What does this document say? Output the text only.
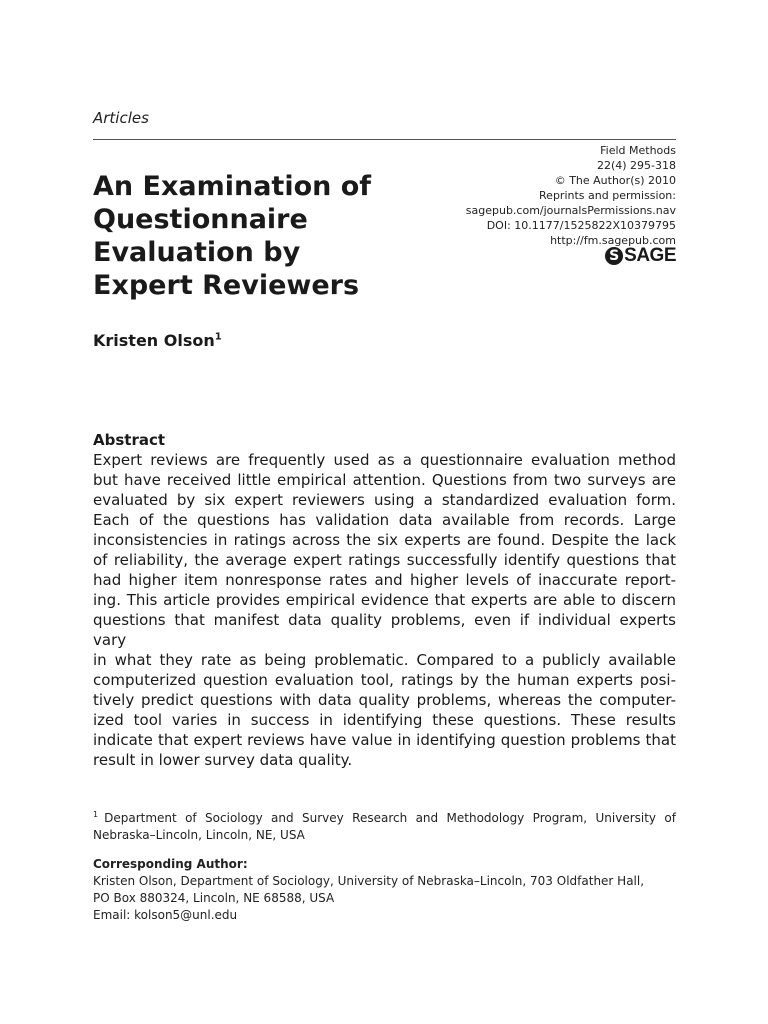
Articles
An Examination of
Questionnaire
Evaluation by
Expert Reviewers
Field Methods
22(4) 295-318
© The Author(s) 2010
Reprints and permission:
sagepub.com/journalsPermissions.nav
DOI: 10.1177/1525822X10379795
http://fm.sagepub.com
S SAGE
Kristen Olson$^1$
Abstract
Expert reviews are frequently used as a questionnaire evaluation method
but have received little empirical attention. Questions from two surveys are
evaluated by six expert reviewers using a standardized evaluation form.
Each of the questions has validation data available from records. Large
inconsistencies in ratings across the six experts are found. Despite the lack
of reliability, the average expert ratings successfully identify questions that
had higher item nonresponse rates and higher levels of inaccurate report-
ing. This article provides empirical evidence that experts are able to discern
questions that manifest data quality problems, even if individual experts vary
in what they rate as being problematic. Compared to a publicly available
computerized question evaluation tool, ratings by the human experts posi-
tively predict questions with data quality problems, whereas the computer-
ized tool varies in success in identifying these questions. These results
indicate that expert reviews have value in identifying question problems that
result in lower survey data quality.
$^1$ Department of Sociology and Survey Research and Methodology Program, University of
Nebraska–Lincoln, Lincoln, NE, USA
Corresponding Author:
Kristen Olson, Department of Sociology, University of Nebraska–Lincoln, 703 Oldfather Hall,
PO Box 880324, Lincoln, NE 68588, USA
Email: kolson5@unl.edu
